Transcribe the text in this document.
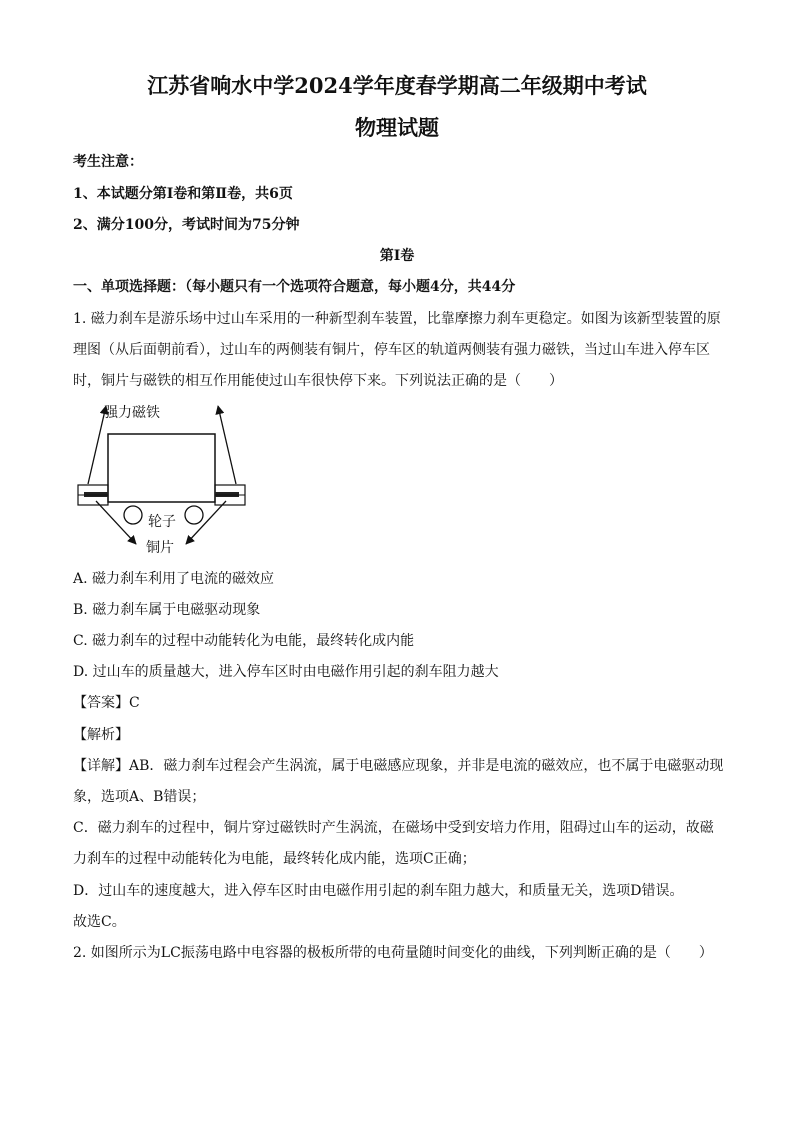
江苏省响水中学2024学年度春学期高二年级期中考试
物理试题
考生注意：
1、本试题分第Ⅰ卷和第Ⅱ卷，共6页
2、满分100分，考试时间为75分钟
第Ⅰ卷
一、单项选择题：（每小题只有一个选项符合题意，每小题4分，共44分
1. 磁力刹车是游乐场中过山车采用的一种新型刹车装置，比靠摩擦力刹车更稳定。如图为该新型装置的原
理图（从后面朝前看），过山车的两侧装有铜片，停车区的轨道两侧装有强力磁铁，当过山车进入停车区
时，铜片与磁铁的相互作用能使过山车很快停下来。下列说法正确的是（　　）
强力磁铁
轮子
铜片
A. 磁力刹车利用了电流的磁效应
B. 磁力刹车属于电磁驱动现象
C. 磁力刹车的过程中动能转化为电能，最终转化成内能
D. 过山车的质量越大，进入停车区时由电磁作用引起的刹车阻力越大
【答案】C
【解析】
【详解】AB．磁力刹车过程会产生涡流，属于电磁感应现象，并非是电流的磁效应，也不属于电磁驱动现
象，选项A、B错误；
C．磁力刹车的过程中，铜片穿过磁铁时产生涡流，在磁场中受到安培力作用，阻碍过山车的运动，故磁
力刹车的过程中动能转化为电能，最终转化成内能，选项C正确；
D．过山车的速度越大，进入停车区时由电磁作用引起的刹车阻力越大，和质量无关，选项D错误。
故选C。
2. 如图所示为LC振荡电路中电容器的极板所带的电荷量随时间变化的曲线，下列判断正确的是（　　）
